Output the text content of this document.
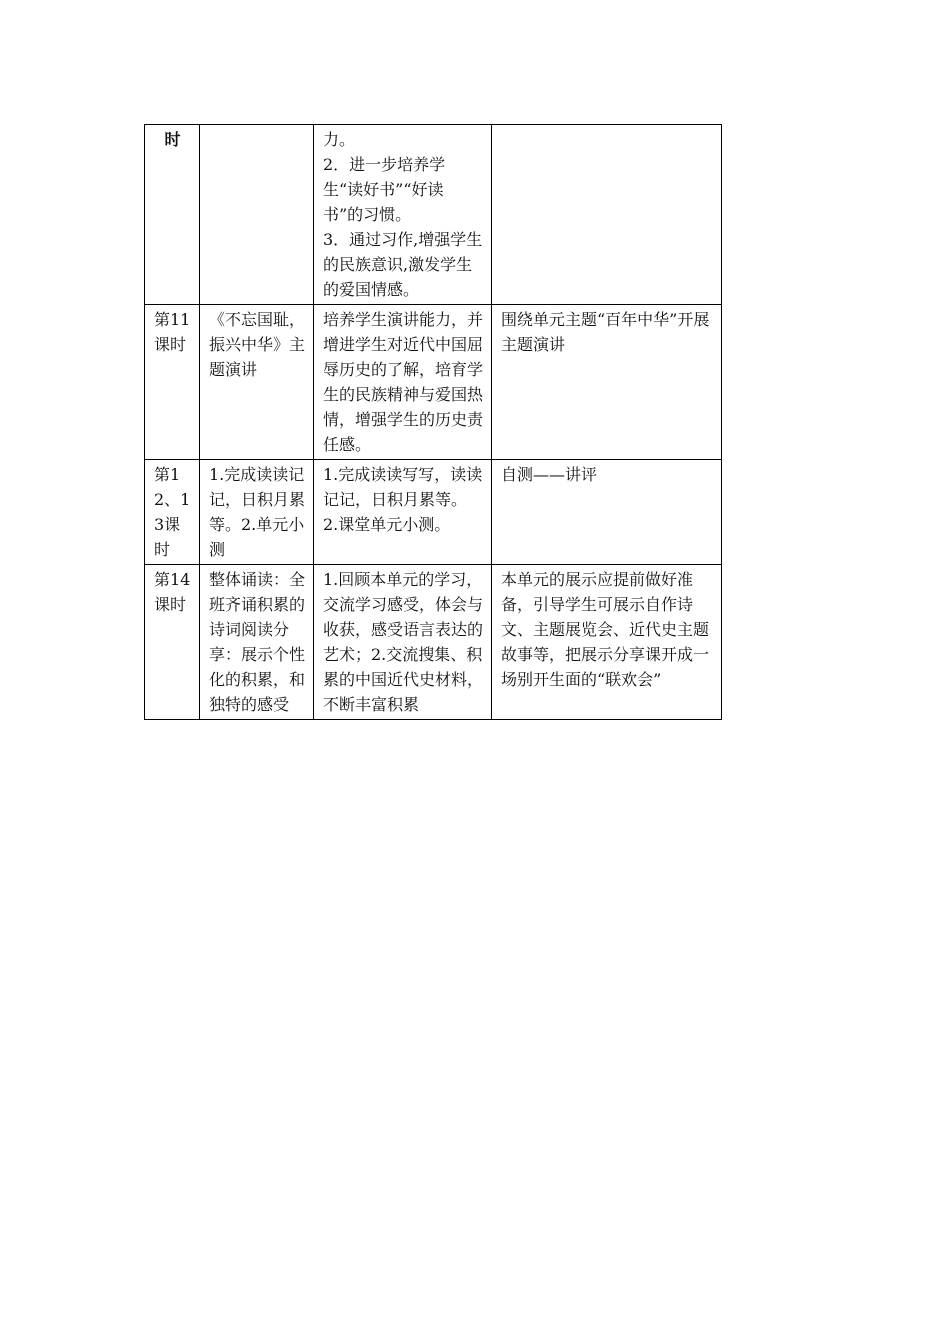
时		力。
2．进一步培养学生“读好书”“好读书”的习惯。
3．通过习作,增强学生的民族意识,激发学生的爱国情感。	

第11课时	《不忘国耻，振兴中华》主题演讲	培养学生演讲能力，并增进学生对近代中国屈辱历史的了解，培育学生的民族精神与爱国热情，增强学生的历史责任感。	围绕单元主题“百年中华”开展主题演讲
第12、13课时	1.完成读读记记，日积月累等。2.单元小测	1.完成读读写写，读读记记，日积月累等。
2.课堂单元小测。	自测——讲评
第14课时	整体诵读：全班齐诵积累的诗词阅读分享：展示个性化的积累，和独特的感受	1.回顾本单元的学习，交流学习感受，体会与收获，感受语言表达的艺术；2.交流搜集、积累的中国近代史材料，不断丰富积累	本单元的展示应提前做好准备，引导学生可展示自作诗文、主题展览会、近代史主题故事等，把展示分享课开成一场别开生面的“联欢会”
